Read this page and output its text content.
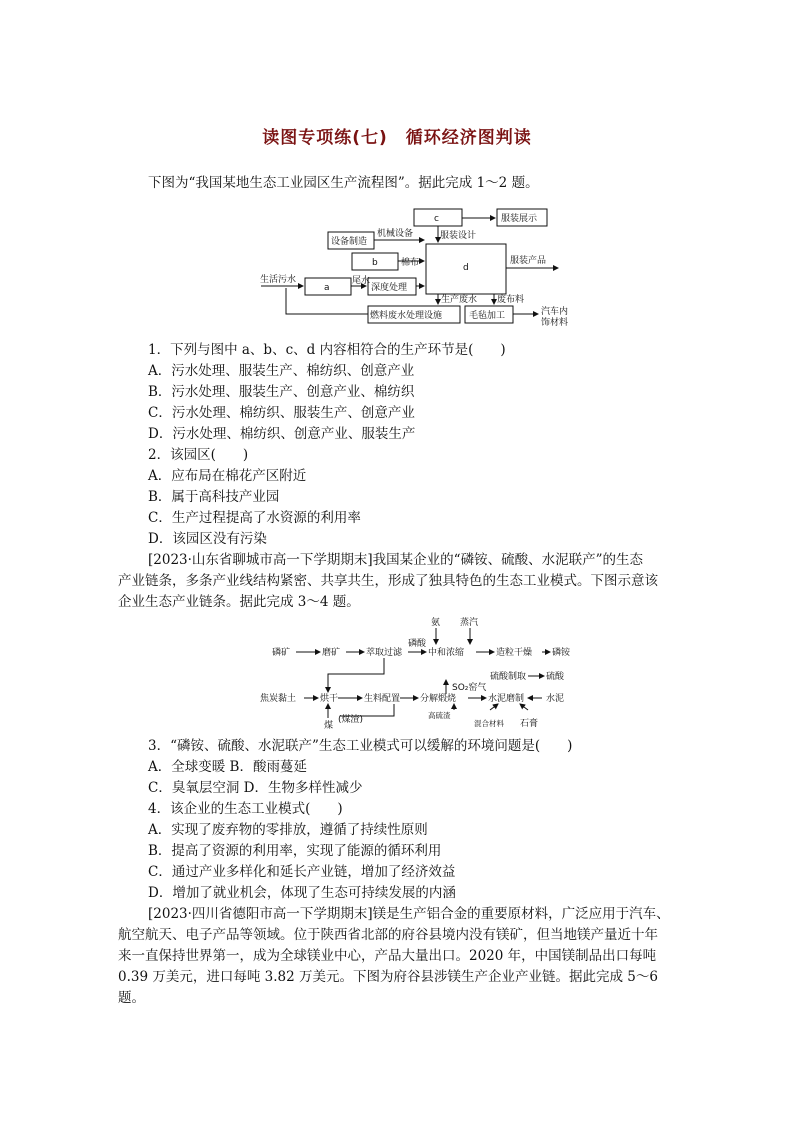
读图专项练(七)　循环经济图判读
下图为“我国某地生态工业园区生产流程图”。据此完成 1～2 题。
c	服装展示
设备制造
机械设备	服装设计
b	棉布	d
服装产品
生活污水
a
尾水
深度处理
生产废水 废布料
燃料废水处理设施	毛毡加工	汽车内
饰材料
1．下列与图中 a、b、c、d 内容相符合的生产环节是(　　)
A．污水处理、服装生产、棉纺织、创意产业
B．污水处理、服装生产、创意产业、棉纺织
C．污水处理、棉纺织、服装生产、创意产业
D．污水处理、棉纺织、创意产业、服装生产
2．该园区(　　)
A．应布局在棉花产区附近
B．属于高科技产业园
C．生产过程提高了水资源的利用率
D．该园区没有污染
[2023·山东省聊城市高一下学期期末]我国某企业的“磷铵、硫酸、水泥联产”的生态
产业链条，多条产业线结构紧密、共享共生，形成了独具特色的生态工业模式。下图示意该
企业生态产业链条。据此完成 3～4 题。
磷矿	磨矿	萃取过滤
磷酸
氨 蒸汽
中和浓缩	造粒干燥 磷铵
硫酸制取 硫酸
SO₂窑气
焦炭黏土	烘干	生料配置 分解煅烧	水泥磨制 水泥
煤
(煤渣)	高硫渣
混合材料 石膏
3．“磷铵、硫酸、水泥联产”生态工业模式可以缓解的环境问题是(　　)
A．全球变暖 B．酸雨蔓延
C．臭氧层空洞 D．生物多样性减少
4．该企业的生态工业模式(　　)
A．实现了废弃物的零排放，遵循了持续性原则
B．提高了资源的利用率，实现了能源的循环利用
C．通过产业多样化和延长产业链，增加了经济效益
D．增加了就业机会，体现了生态可持续发展的内涵
[2023·四川省德阳市高一下学期期末]镁是生产铝合金的重要原材料，广泛应用于汽车、
航空航天、电子产品等领域。位于陕西省北部的府谷县境内没有镁矿，但当地镁产量近十年
来一直保持世界第一，成为全球镁业中心，产品大量出口。2020 年，中国镁制品出口每吨
0.39 万美元，进口每吨 3.82 万美元。下图为府谷县涉镁生产企业产业链。据此完成 5～6
题。
